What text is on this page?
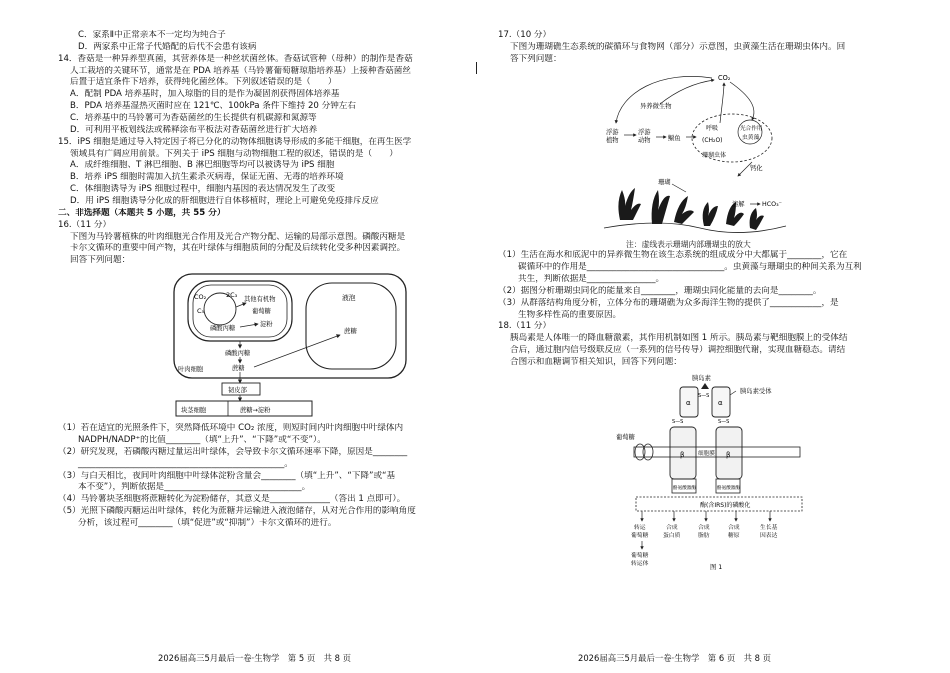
C．家系Ⅱ中正常亲本不一定均为纯合子
D．两家系中正常子代婚配的后代不会患有该病
14．香菇是一种异养型真菌，其营养体是一种丝状菌丝体。香菇试管种（母种）的制作是香菇
人工栽培的关键环节，通常是在 PDA 培养基（马铃薯葡萄糖琼脂培养基）上接种香菇菌丝
后置于适宜条件下培养，获得纯化菌丝体。下列叙述错误的是（　　）
A．配制 PDA 培养基时，加入琼脂的目的是作为凝固剂获得固体培养基
B．PDA 培养基湿热灭菌时应在 121℃、100kPa 条件下维持 20 分钟左右
C．培养基中的马铃薯可为香菇菌丝的生长提供有机碳源和氮源等
D．可利用平板划线法或稀释涂布平板法对香菇菌丝进行扩大培养
15．iPS 细胞是通过导入特定因子将已分化的动物体细胞诱导形成的多能干细胞，在再生医学
领域具有广阔应用前景。下列关于 iPS 细胞与动物细胞工程的叙述，错误的是（　　）
A．成纤维细胞、T 淋巴细胞、B 淋巴细胞等均可以被诱导为 iPS 细胞
B．培养 iPS 细胞时需加入抗生素杀灭病毒，保证无菌、无毒的培养环境
C．体细胞诱导为 iPS 细胞过程中，细胞内基因的表达情况发生了改变
D．用 iPS 细胞诱导分化成的肝细胞进行自体移植时，理论上可避免免疫排斥反应
二、非选择题（本题共 5 小题，共 55 分）
16.（11 分）
下图为马铃薯植株的叶肉细胞光合作用及光合产物分配、运输的局部示意图。磷酸丙糖是
卡尔文循环的重要中间产物，其在叶绿体与细胞质间的分配及后续转化受多种因素调控。
回答下列问题：
CO₂
C₅
2C₃
其他有机物
葡萄糖
磷酸丙糖
淀粉
液泡
蔗糖
磷酸丙糖
蔗糖
叶肉细胞
韧皮部
块茎细胞	蔗糖→淀粉
（1）若在适宜的光照条件下，突然降低环境中 CO₂ 浓度，则短时间内叶肉细胞中叶绿体内
NADPH/NADP⁺的比值________（填“上升”、“下降”或“不变”）。
（2）研究发现，若磷酸丙糖过量运出叶绿体，会导致卡尔文循环速率下降，原因是________
________________________________________________。
（3）与白天相比，夜间叶肉细胞中叶绿体淀粉含量会________（填“上升”、“下降”或“基
本不变”），判断依据是________________________________。
（4）马铃薯块茎细胞将蔗糖转化为淀粉储存，其意义是______________（答出 1 点即可）。
（5）光照下磷酸丙糖运出叶绿体，转化为蔗糖并运输进入液泡储存，从对光合作用的影响角度
分析，该过程可________（填“促进”或“抑制”）卡尔文循环的进行。
17.（10 分）
下图为珊瑚礁生态系统的碳循环与食物网（部分）示意图，虫黄藻生活在珊瑚虫体内。回
答下列问题：
CO₂
异养微生物
浮游
植物
浮游
动物	鳚鱼
呼吸
(CH₂O)
光合作用
虫黄藻
珊瑚虫体
钙化
珊瑚
溶解	HCO₃⁻
注：虚线表示珊瑚内部珊瑚虫的放大
（1）生活在海水和底泥中的异养微生物在该生态系统的组成成分中大都属于________，它在
碳循环中的作用是________________________________。虫黄藻与珊瑚虫的种间关系为互利
共生，判断依据是________________。
（2）据图分析珊瑚虫同化的能量来自________，珊瑚虫同化能量的去向是________。
（3）从群落结构角度分析，立体分布的珊瑚礁为众多海洋生物的提供了____________，是
生物多样性高的重要原因。
18.（11 分）
胰岛素是人体唯一的降血糖激素，其作用机制如图 1 所示。胰岛素与靶细胞膜上的受体结
合后，通过胞内信号级联反应（一系列的信号传导）调控细胞代谢，实现血糖稳态。请结
合图示和血糖调节相关知识，回答下列问题：
胰岛素
胰岛素受体
α	α
S—S
β	β
S—S	S—S
细胞膜
葡萄糖
酪氨酸激酶	酪氨酸激酶
酶(含IRS)的磷酸化
转运
葡萄糖
合成
蛋白质
合成
脂肪
合成
糖原
生长基
因表达
葡萄糖
转运体	图 1
2026届高三5月最后一卷·生物学　第 5 页　共 8 页	2026届高三5月最后一卷·生物学　第 6 页　共 8 页
